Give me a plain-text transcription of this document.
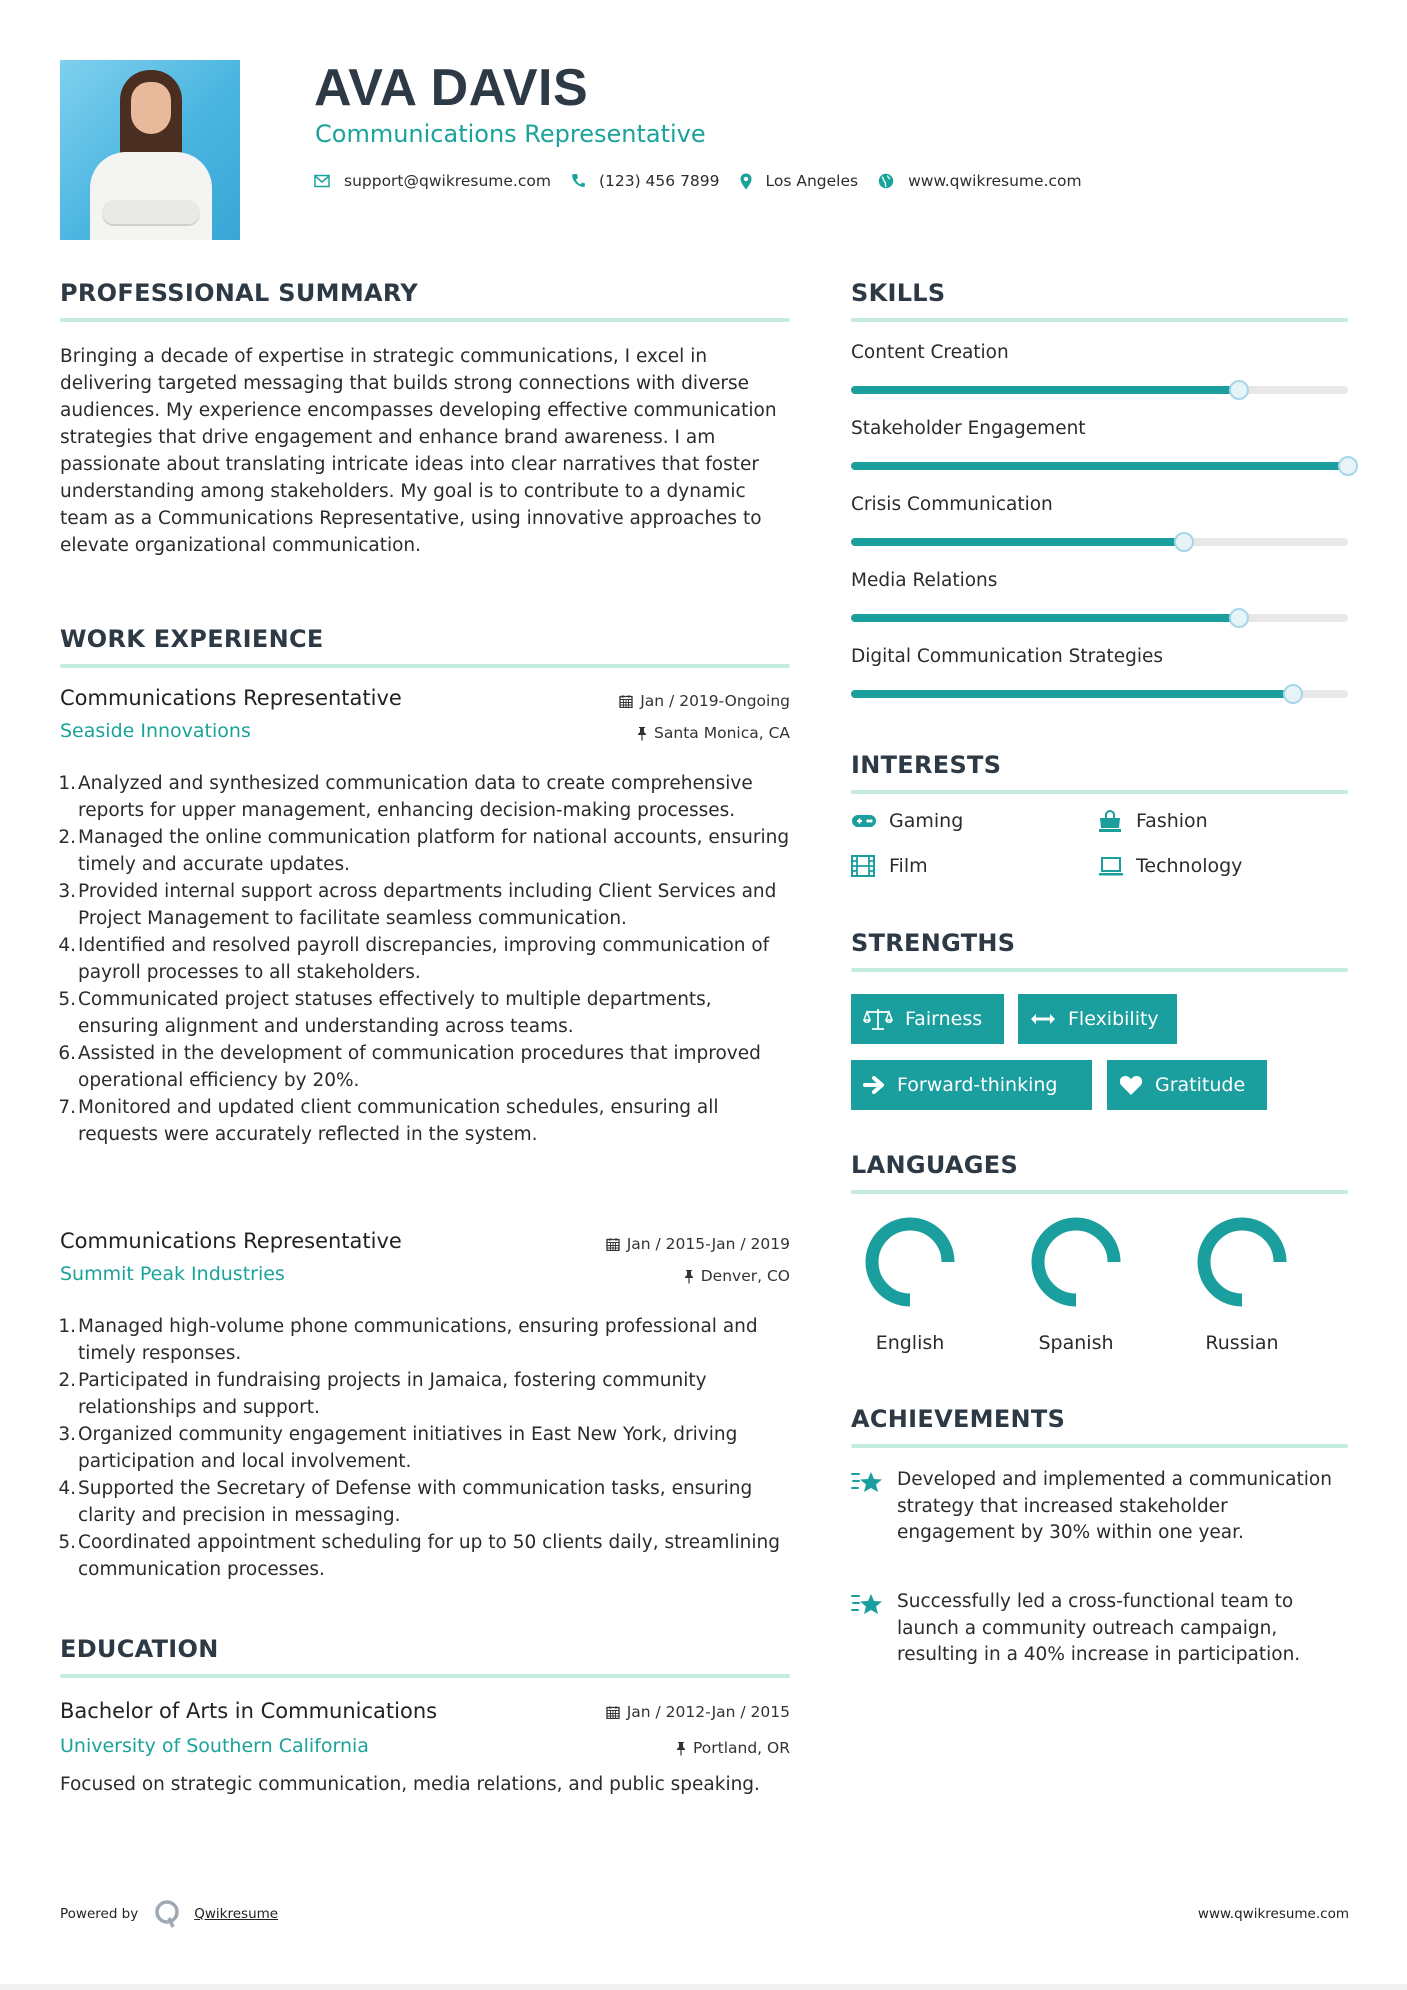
AVA DAVIS
Communications Representative
support@qwikresume.com	(123) 456 7899	Los Angeles	www.qwikresume.com
PROFESSIONAL SUMMARY
Bringing a decade of expertise in strategic communications, I excel in delivering targeted messaging that builds strong connections with diverse audiences. My experience encompasses developing effective communication strategies that drive engagement and enhance brand awareness. I am passionate about translating intricate ideas into clear narratives that foster understanding among stakeholders. My goal is to contribute to a dynamic team as a Communications Representative, using innovative approaches to elevate organizational communication.
WORK EXPERIENCE
Communications Representative	Jan / 2019-Ongoing
Seaside Innovations	Santa Monica, CA
1. Analyzed and synthesized communication data to create comprehensive reports for upper management, enhancing decision-making processes.
2. Managed the online communication platform for national accounts, ensuring timely and accurate updates.
3. Provided internal support across departments including Client Services and Project Management to facilitate seamless communication.
4. Identified and resolved payroll discrepancies, improving communication of payroll processes to all stakeholders.
5. Communicated project statuses effectively to multiple departments, ensuring alignment and understanding across teams.
6. Assisted in the development of communication procedures that improved operational efficiency by 20%.
7. Monitored and updated client communication schedules, ensuring all requests were accurately reflected in the system.
Communications Representative	Jan / 2015-Jan / 2019
Summit Peak Industries	Denver, CO
1. Managed high-volume phone communications, ensuring professional and timely responses.
2. Participated in fundraising projects in Jamaica, fostering community relationships and support.
3. Organized community engagement initiatives in East New York, driving participation and local involvement.
4. Supported the Secretary of Defense with communication tasks, ensuring clarity and precision in messaging.
5. Coordinated appointment scheduling for up to 50 clients daily, streamlining communication processes.
EDUCATION
Bachelor of Arts in Communications	Jan / 2012-Jan / 2015
University of Southern California	Portland, OR
Focused on strategic communication, media relations, and public speaking.
SKILLS
Content Creation
Stakeholder Engagement
Crisis Communication
Media Relations
Digital Communication Strategies
INTERESTS
Gaming	Fashion
Film	Technology
STRENGTHS
Fairness	Flexibility
Forward-thinking	Gratitude
LANGUAGES
English	Spanish	Russian
ACHIEVEMENTS
Developed and implemented a communication strategy that increased stakeholder engagement by 30% within one year.
Successfully led a cross-functional team to launch a community outreach campaign, resulting in a 40% increase in participation.
Powered by	Qwikresume	www.qwikresume.com
